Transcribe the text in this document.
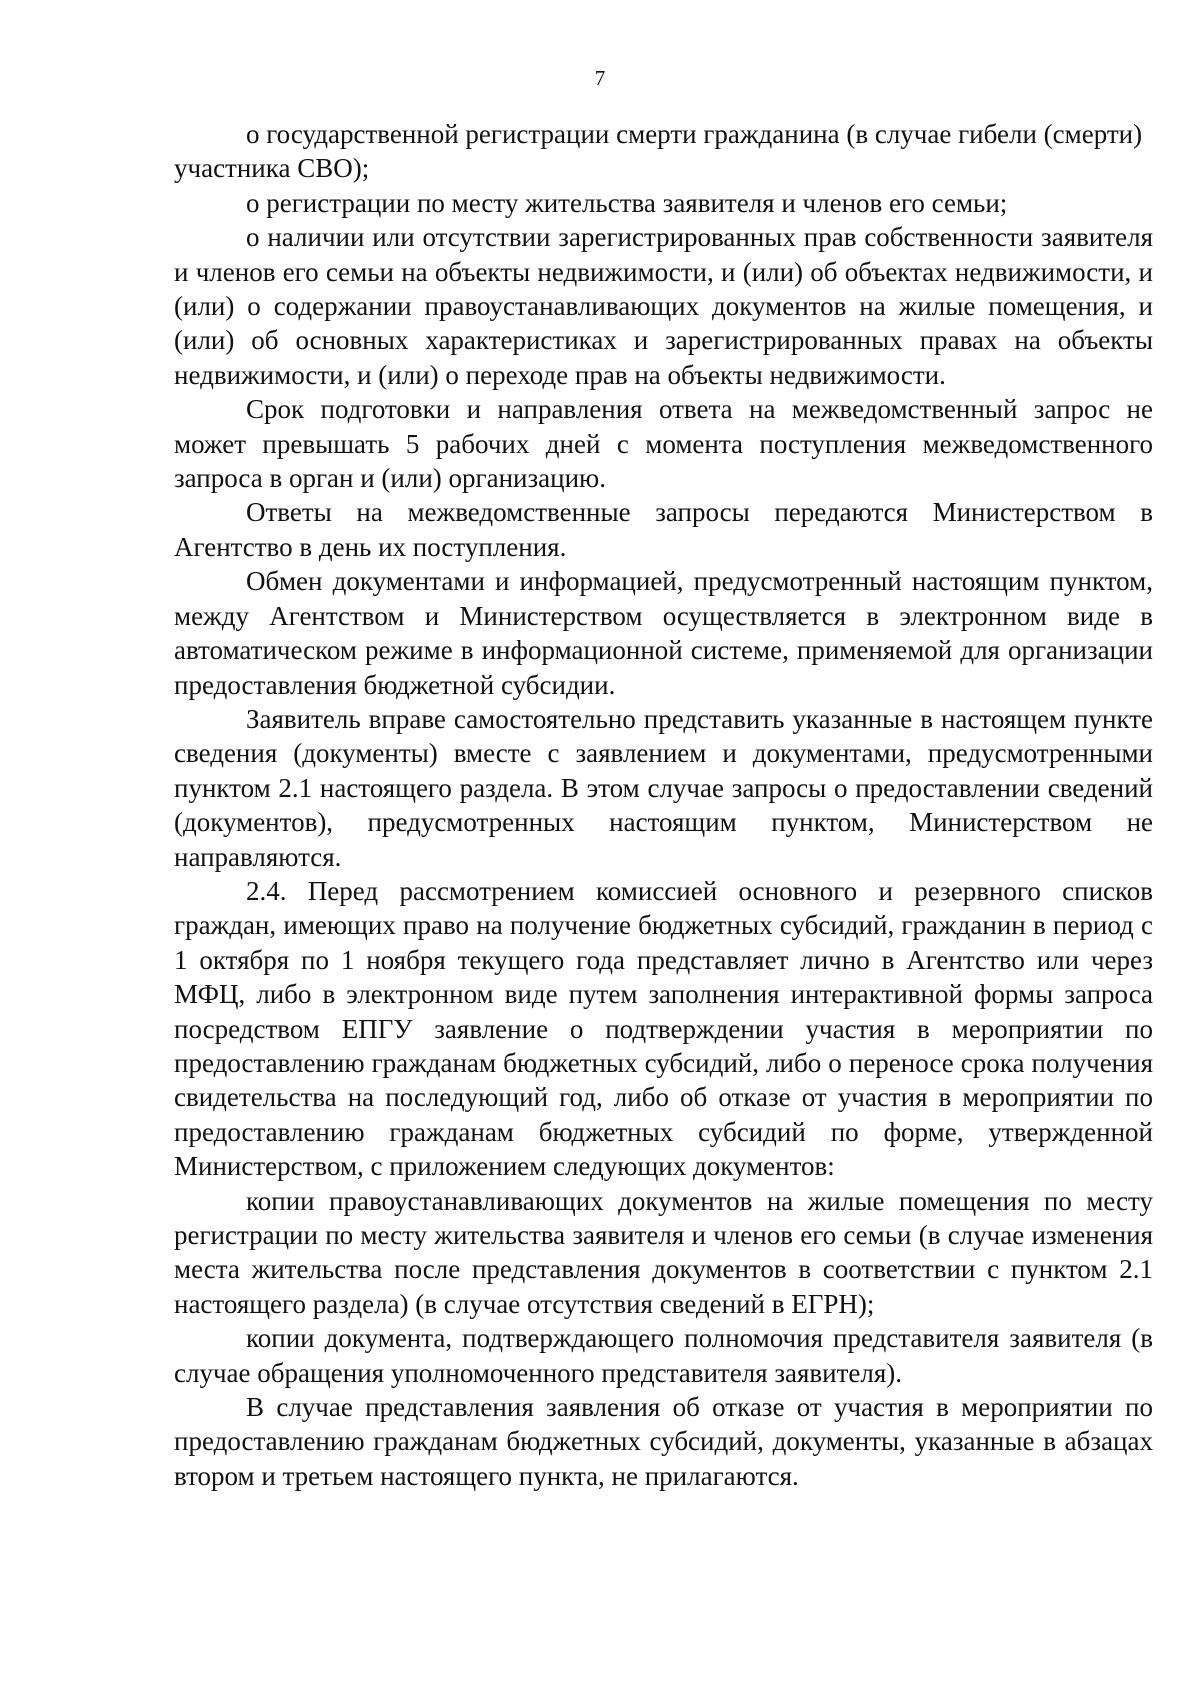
7

о государственной регистрации смерти гражданина (в случае гибели (смерти) участника СВО);

о регистрации по месту жительства заявителя и членов его семьи;

о наличии или отсутствии зарегистрированных прав собственности заявителя и членов его семьи на объекты недвижимости, и (или) об объектах недвижимости, и (или) о содержании правоустанавливающих документов на жилые помещения, и (или) об основных характеристиках и зарегистрированных правах на объекты недвижимости, и (или) о переходе прав на объекты недвижимости.

Срок подготовки и направления ответа на межведомственный запрос не может превышать 5 рабочих дней с момента поступления межведомственного запроса в орган и (или) организацию.

Ответы на межведомственные запросы передаются Министерством в Агентство в день их поступления.

Обмен документами и информацией, предусмотренный настоящим пунктом, между Агентством и Министерством осуществляется в электронном виде в автоматическом режиме в информационной системе, применяемой для организации предоставления бюджетной субсидии.

Заявитель вправе самостоятельно представить указанные в настоящем пункте сведения (документы) вместе с заявлением и документами, предусмотренными пунктом 2.1 настоящего раздела. В этом случае запросы о предоставлении сведений (документов), предусмотренных настоящим пунктом, Министерством не направляются.

2.4. Перед рассмотрением комиссией основного и резервного списков граждан, имеющих право на получение бюджетных субсидий, гражданин в период с 1 октября по 1 ноября текущего года представляет лично в Агентство или через МФЦ, либо в электронном виде путем заполнения интерактивной формы запроса посредством ЕПГУ заявление о подтверждении участия в мероприятии по предоставлению гражданам бюджетных субсидий, либо о переносе срока получения свидетельства на последующий год, либо об отказе от участия в мероприятии по предоставлению гражданам бюджетных субсидий по форме, утвержденной Министерством, с приложением следующих документов:

копии правоустанавливающих документов на жилые помещения по месту регистрации по месту жительства заявителя и членов его семьи (в случае изменения места жительства после представления документов в соответствии с пунктом 2.1 настоящего раздела) (в случае отсутствия сведений в ЕГРН);

копии документа, подтверждающего полномочия представителя заявителя (в случае обращения уполномоченного представителя заявителя).

В случае представления заявления об отказе от участия в мероприятии по предоставлению гражданам бюджетных субсидий, документы, указанные в абзацах втором и третьем настоящего пункта, не прилагаются.
